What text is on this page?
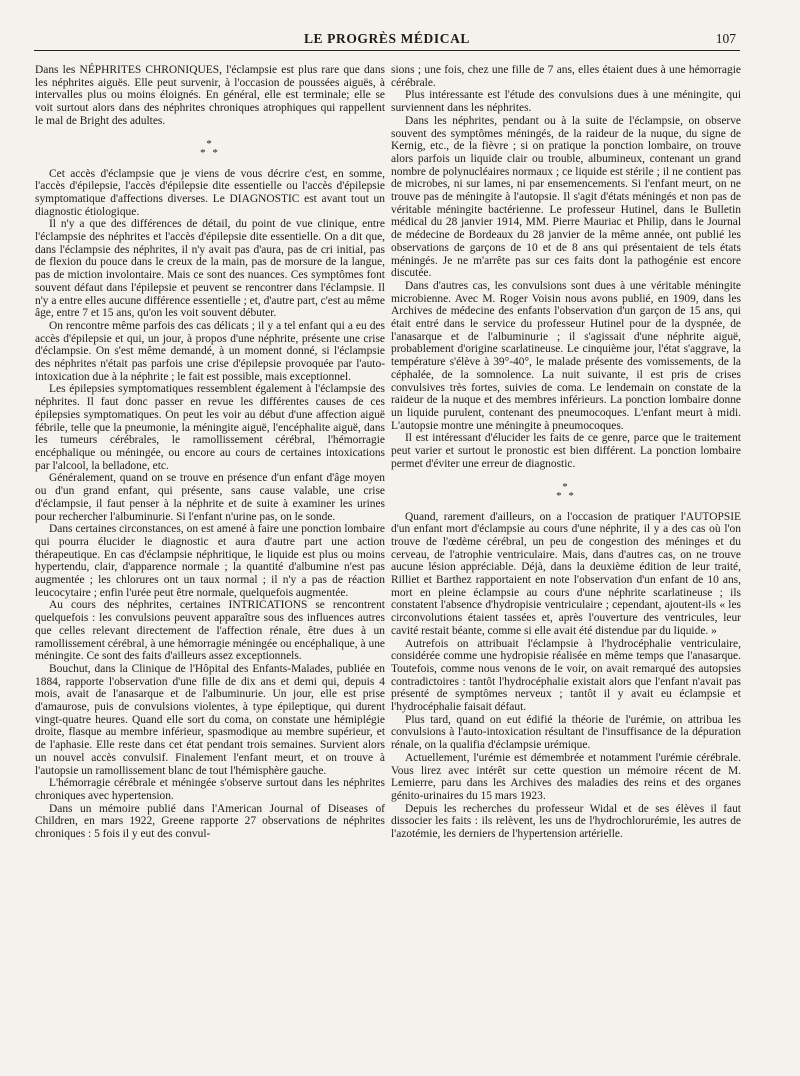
LE PROGRÈS MÉDICAL	107

Dans les NÉPHRITES CHRONIQUES, l'éclampsie est plus rare que dans les néphrites aiguës. Elle peut survenir, à l'occasion de poussées aiguës, à intervalles plus ou moins éloignés. En général, elle est terminale; elle se voit surtout alors dans des néphrites chroniques atrophiques qui rappellent le mal de Bright des adultes.

*
* *

Cet accès d'éclampsie que je viens de vous décrire c'est, en somme, l'accès d'épilepsie, l'accès d'épilepsie dite essentielle ou l'accès d'épilepsie symptomatique d'affections diverses. Le DIAGNOSTIC est avant tout un diagnostic étiologique.

Il n'y a que des différences de détail, du point de vue clinique, entre l'éclampsie des néphrites et l'accès d'épilepsie dite essentielle. On a dit que, dans l'éclampsie des néphrites, il n'y avait pas d'aura, pas de cri initial, pas de flexion du pouce dans le creux de la main, pas de morsure de la langue, pas de miction involontaire. Mais ce sont des nuances. Ces symptômes font souvent défaut dans l'épilepsie et peuvent se rencontrer dans l'éclampsie. Il n'y a entre elles aucune différence essentielle ; et, d'autre part, c'est au même âge, entre 7 et 15 ans, qu'on les voit souvent débuter.

On rencontre même parfois des cas délicats ; il y a tel enfant qui a eu des accès d'épilepsie et qui, un jour, à propos d'une néphrite, présente une crise d'éclampsie. On s'est même demandé, à un moment donné, si l'éclampsie des néphrites n'était pas parfois une crise d'épilepsie provoquée par l'auto-intoxication due à la néphrite ; le fait est possible, mais exceptionnel.

Les épilepsies symptomatiques ressemblent également à l'éclampsie des néphrites. Il faut donc passer en revue les différentes causes de ces épilepsies symptomatiques. On peut les voir au début d'une affection aiguë fébrile, telle que la pneumonie, la méningite aiguë, l'encéphalite aiguë, dans les tumeurs cérébrales, le ramollissement cérébral, l'hémorragie encéphalique ou méningée, ou encore au cours de certaines intoxications par l'alcool, la belladone, etc.

Généralement, quand on se trouve en présence d'un enfant d'âge moyen ou d'un grand enfant, qui présente, sans cause valable, une crise d'éclampsie, il faut penser à la néphrite et de suite à examiner les urines pour rechercher l'albuminurie. Si l'enfant n'urine pas, on le sonde.

Dans certaines circonstances, on est amené à faire une ponction lombaire qui pourra élucider le diagnostic et aura d'autre part une action thérapeutique. En cas d'éclampsie néphritique, le liquide est plus ou moins hypertendu, clair, d'apparence normale ; la quantité d'albumine n'est pas augmentée ; les chlorures ont un taux normal ; il n'y a pas de réaction leucocytaire ; enfin l'urée peut être normale, quelquefois augmentée.

Au cours des néphrites, certaines INTRICATIONS se rencontrent quelquefois : les convulsions peuvent apparaître sous des influences autres que celles relevant directement de l'affection rénale, être dues à un ramollissement cérébral, à une hémorragie méningée ou encéphalique, à une méningite. Ce sont des faits d'ailleurs assez exceptionnels.

Bouchut, dans la Clinique de l'Hôpital des Enfants-Malades, publiée en 1884, rapporte l'observation d'une fille de dix ans et demi qui, depuis 4 mois, avait de l'anasarque et de l'albuminurie. Un jour, elle est prise d'amaurose, puis de convulsions violentes, à type épileptique, qui durent vingt-quatre heures. Quand elle sort du coma, on constate une hémiplégie droite, flasque au membre inférieur, spasmodique au membre supérieur, et de l'aphasie. Elle reste dans cet état pendant trois semaines. Survient alors un nouvel accès convulsif. Finalement l'enfant meurt, et on trouve à l'autopsie un ramollissement blanc de tout l'hémisphère gauche.

L'hémorragie cérébrale et méningée s'observe surtout dans les néphrites chroniques avec hypertension.

Dans un mémoire publié dans l'American Journal of Diseases of Children, en mars 1922, Greene rapporte 27 observations de néphrites chroniques : 5 fois il y eut des convul-

sions ; une fois, chez une fille de 7 ans, elles étaient dues à une hémorragie cérébrale.

Plus intéressante est l'étude des convulsions dues à une méningite, qui surviennent dans les néphrites.

Dans les néphrites, pendant ou à la suite de l'éclampsie, on observe souvent des symptômes méningés, de la raideur de la nuque, du signe de Kernig, etc., de la fièvre ; si on pratique la ponction lombaire, on trouve alors parfois un liquide clair ou trouble, albumineux, contenant un grand nombre de polynucléaires normaux ; ce liquide est stérile ; il ne contient pas de microbes, ni sur lames, ni par ensemencements. Si l'enfant meurt, on ne trouve pas de méningite à l'autopsie. Il s'agit d'états méningés et non pas de véritable méningite bactérienne. Le professeur Hutinel, dans le Bulletin médical du 28 janvier 1914, MM. Pierre Mauriac et Philip, dans le Journal de médecine de Bordeaux du 28 janvier de la même année, ont publié les observations de garçons de 10 et de 8 ans qui présentaient de tels états méningés. Je ne m'arrête pas sur ces faits dont la pathogénie est encore discutée.

Dans d'autres cas, les convulsions sont dues à une véritable méningite microbienne. Avec M. Roger Voisin nous avons publié, en 1909, dans les Archives de médecine des enfants l'observation d'un garçon de 15 ans, qui était entré dans le service du professeur Hutinel pour de la dyspnée, de l'anasarque et de l'albuminurie ; il s'agissait d'une néphrite aiguë, probablement d'origine scarlatineuse. Le cinquième jour, l'état s'aggrave, la température s'élève à 39°-40°, le malade présente des vomissements, de la céphalée, de la somnolence. La nuit suivante, il est pris de crises convulsives très fortes, suivies de coma. Le lendemain on constate de la raideur de la nuque et des membres inférieurs. La ponction lombaire donne un liquide purulent, contenant des pneumocoques. L'enfant meurt à midi. L'autopsie montre une méningite à pneumocoques.

Il est intéressant d'élucider les faits de ce genre, parce que le traitement peut varier et surtout le pronostic est bien différent. La ponction lombaire permet d'éviter une erreur de diagnostic.

*
* *

Quand, rarement d'ailleurs, on a l'occasion de pratiquer l'AUTOPSIE d'un enfant mort d'éclampsie au cours d'une néphrite, il y a des cas où l'on trouve de l'œdème cérébral, un peu de congestion des méninges et du cerveau, de l'atrophie ventriculaire. Mais, dans d'autres cas, on ne trouve aucune lésion appréciable. Déjà, dans la deuxième édition de leur traité, Rilliet et Barthez rapportaient en note l'observation d'un enfant de 10 ans, mort en pleine éclampsie au cours d'une néphrite scarlatineuse ; ils constatent l'absence d'hydropisie ventriculaire ; cependant, ajoutent-ils « les circonvolutions étaient tassées et, après l'ouverture des ventricules, leur cavité restait béante, comme si elle avait été distendue par du liquide. »

Autrefois on attribuait l'éclampsie à l'hydrocéphalie ventriculaire, considérée comme une hydropisie réalisée en même temps que l'anasarque. Toutefois, comme nous venons de le voir, on avait remarqué des autopsies contradictoires : tantôt l'hydrocéphalie existait alors que l'enfant n'avait pas présenté de symptômes nerveux ; tantôt il y avait eu éclampsie et l'hydrocéphalie faisait défaut.

Plus tard, quand on eut édifié la théorie de l'urémie, on attribua les convulsions à l'auto-intoxication résultant de l'insuffisance de la dépuration rénale, on la qualifia d'éclampsie urémique.

Actuellement, l'urémie est démembrée et notamment l'urémie cérébrale. Vous lirez avec intérêt sur cette question un mémoire récent de M. Lemierre, paru dans les Archives des maladies des reins et des organes génito-urinaires du 15 mars 1923.

Depuis les recherches du professeur Widal et de ses élèves il faut dissocier les faits : ils relèvent, les uns de l'hydrochlorurémie, les autres de l'azotémie, les derniers de l'hypertension artérielle.
